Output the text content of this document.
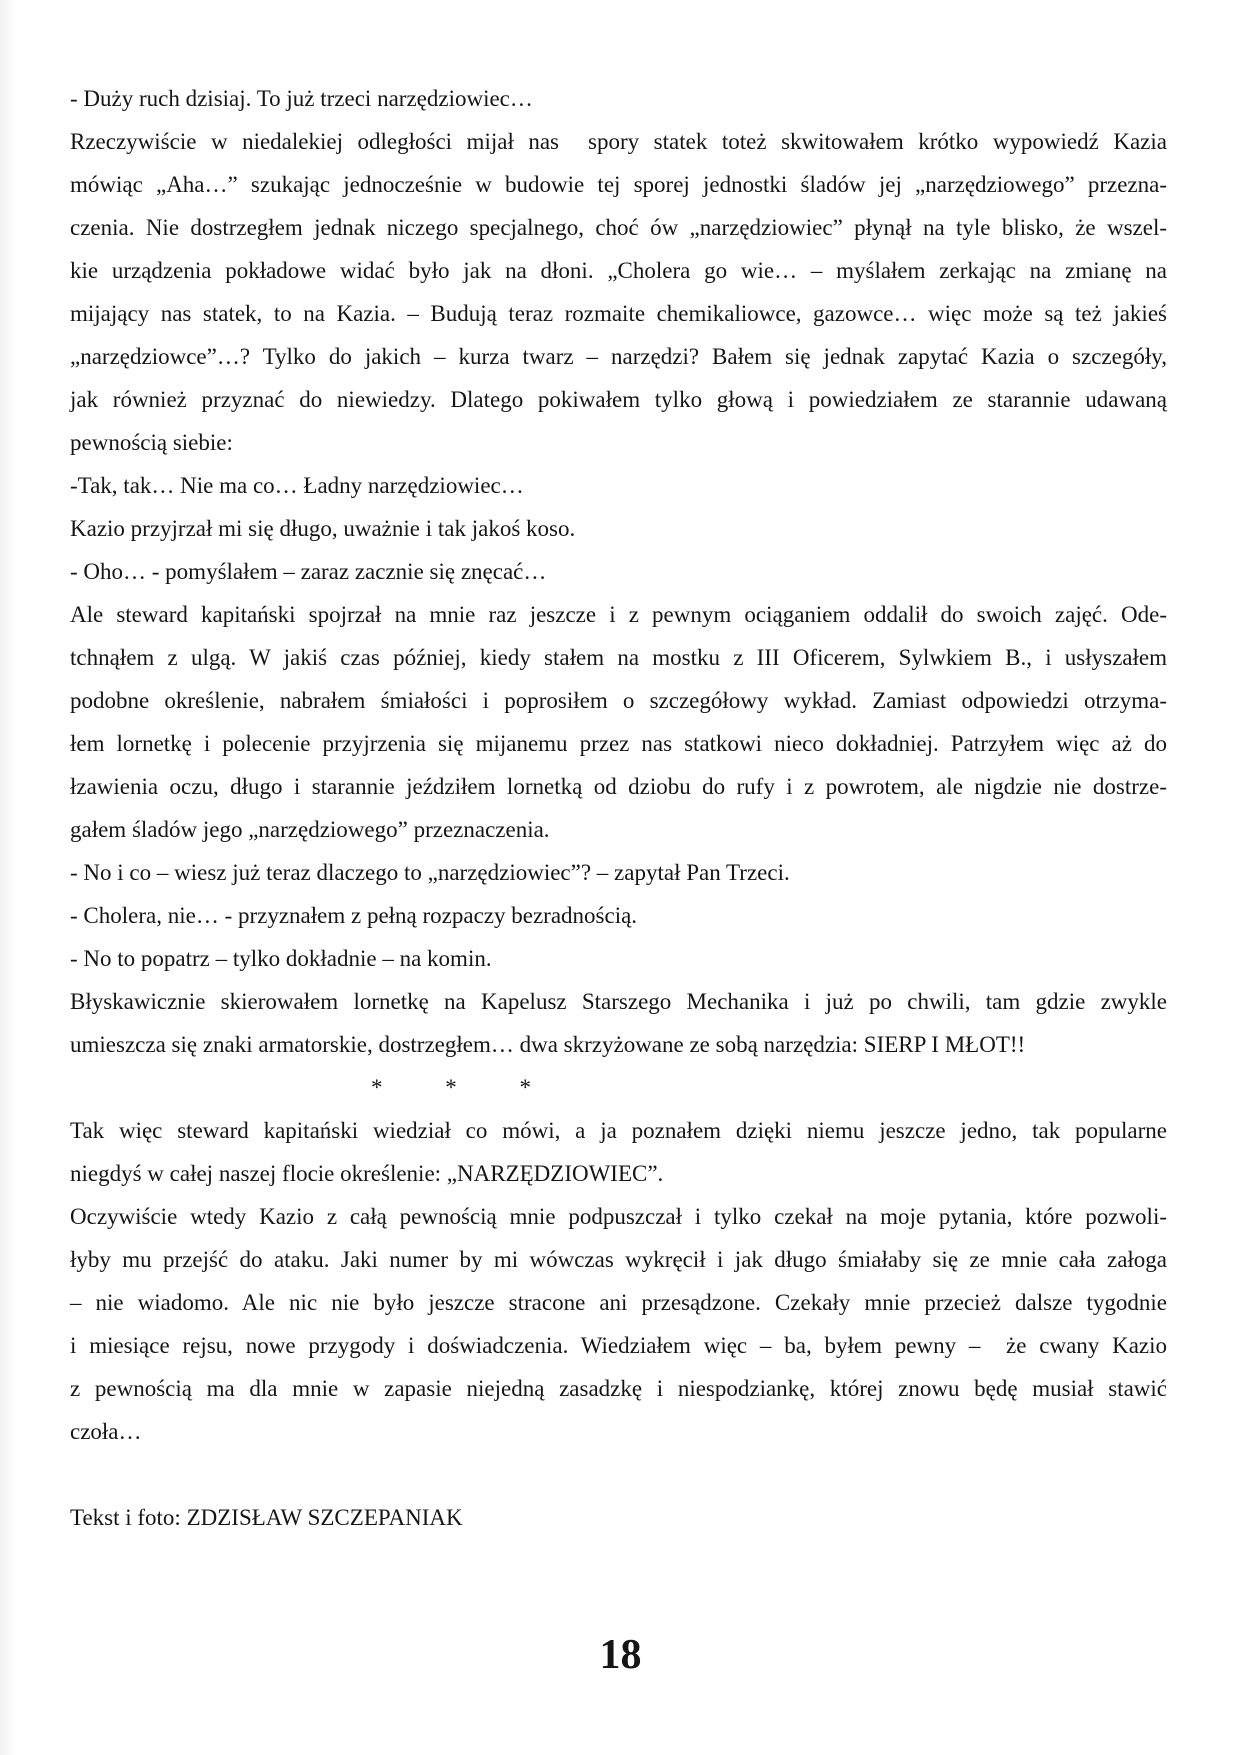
- Duży ruch dzisiaj. To już trzeci narzędziowiec…
Rzeczywiście w niedalekiej odległości mijał nas  spory statek toteż skwitowałem krótko wypowiedź Kazia
mówiąc „Aha…” szukając jednocześnie w budowie tej sporej jednostki śladów jej „narzędziowego” przezna-
czenia. Nie dostrzegłem jednak niczego specjalnego, choć ów „narzędziowiec” płynął na tyle blisko, że wszel-
kie urządzenia pokładowe widać było jak na dłoni. „Cholera go wie… – myślałem zerkając na zmianę na
mijający nas statek, to na Kazia. – Budują teraz rozmaite chemikaliowce, gazowce… więc może są też jakieś
„narzędziowce”…? Tylko do jakich – kurza twarz – narzędzi? Bałem się jednak zapytać Kazia o szczegóły,
jak również przyznać do niewiedzy. Dlatego pokiwałem tylko głową i powiedziałem ze starannie udawaną
pewnością siebie:
-Tak, tak… Nie ma co… Ładny narzędziowiec…
Kazio przyjrzał mi się długo, uważnie i tak jakoś koso.
- Oho… - pomyślałem – zaraz zacznie się znęcać…
Ale steward kapitański spojrzał na mnie raz jeszcze i z pewnym ociąganiem oddalił do swoich zajęć. Ode-
tchnąłem z ulgą. W jakiś czas później, kiedy stałem na mostku z III Oficerem, Sylwkiem B., i usłyszałem
podobne określenie, nabrałem śmiałości i poprosiłem o szczegółowy wykład. Zamiast odpowiedzi otrzyma-
łem lornetkę i polecenie przyjrzenia się mijanemu przez nas statkowi nieco dokładniej. Patrzyłem więc aż do
łzawienia oczu, długo i starannie jeździłem lornetką od dziobu do rufy i z powrotem, ale nigdzie nie dostrze-
gałem śladów jego „narzędziowego” przeznaczenia.
- No i co – wiesz już teraz dlaczego to „narzędziowiec”? – zapytał Pan Trzeci.
- Cholera, nie… - przyznałem z pełną rozpaczy bezradnością.
- No to popatrz – tylko dokładnie – na komin.
Błyskawicznie skierowałem lornetkę na Kapelusz Starszego Mechanika i już po chwili, tam gdzie zwykle
umieszcza się znaki armatorskie, dostrzegłem… dwa skrzyżowane ze sobą narzędzia: SIERP I MŁOT!!
* * *
Tak więc steward kapitański wiedział co mówi, a ja poznałem dzięki niemu jeszcze jedno, tak popularne
niegdyś w całej naszej flocie określenie: „NARZĘDZIOWIEC”.
Oczywiście wtedy Kazio z całą pewnością mnie podpuszczał i tylko czekał na moje pytania, które pozwoli-
łyby mu przejść do ataku. Jaki numer by mi wówczas wykręcił i jak długo śmiałaby się ze mnie cała załoga
– nie wiadomo. Ale nic nie było jeszcze stracone ani przesądzone. Czekały mnie przecież dalsze tygodnie
i miesiące rejsu, nowe przygody i doświadczenia. Wiedziałem więc – ba, byłem pewny –  że cwany Kazio
z pewnością ma dla mnie w zapasie niejedną zasadzkę i niespodziankę, której znowu będę musiał stawić
czoła…
Tekst i foto: ZDZISŁAW SZCZEPANIAK
18
